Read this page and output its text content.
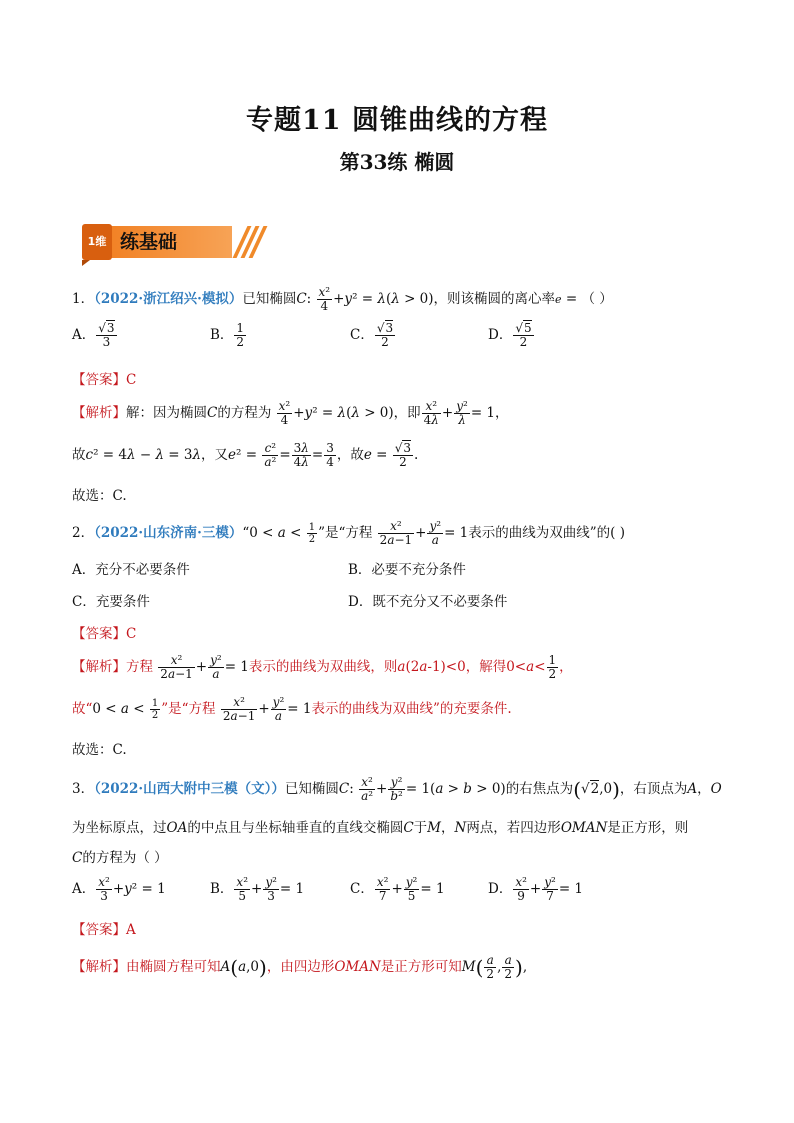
专题11 圆锥曲线的方程
第33练 椭圆
1维 练基础
1．（2022·浙江绍兴·模拟）已知椭圆C: $\frac{\text{x²}}{4} +y^2 = \lambda(\lambda > 0)$，则该椭圆的离心率e = （ ）
A． $\frac{√3}{3}$	B． $\frac{1}{2}$	C． $\frac{√3}{2}$	D． $\frac{√5}{2}$
【答案】C
【解析】解：因为椭圆C的方程为 $\frac{\text{x²}}{4} +y^2 = \lambda(\lambda > 0)$，即 $\frac{\text{x²}}{4\lambda} + \frac{\text{y²}}{\lambda} = 1$，
故c² = 4λ − λ = 3λ，又$e^2 = \frac{\text{c²}}{\text{a²}} = \frac{3\lambda}{4\lambda} = \frac{3}{4}$ ，故$e = \frac{√3}{2}$ .
故选：C.
2．（2022·山东济南·三模）“0 < $a < \frac{1}{2}$ ”是“方程 $\frac{\text{x²}}{2a-1} + \frac{\text{y²}}{a} = 1$表示的曲线为双曲线”的( )
A．充分不必要条件	B．必要不充分条件
C．充要条件	D．既不充分又不必要条件
【答案】C
【解析】方程 $\frac{\text{x²}}{2a-1} + \frac{\text{y²}}{a} = 1$表示的曲线为双曲线，则a(2a-1)<0，解得$0<a< \frac{1}{2}$ ，
故“$0 < a < \frac{1}{2}$ ”是“方程 $\frac{\text{x²}}{2a-1} + \frac{\text{y²}}{a} = 1$表示的曲线为双曲线”的充要条件.
故选：C.
3．（2022·山西大附中三模（文））已知椭圆C: $\frac{\text{x²}}{\text{a²}} + \frac{\text{y²}}{\text{b²}} = 1(a > b > 0)$的右焦点为(√2,0)，右顶点为A，O
为坐标原点，过OA的中点且与坐标轴垂直的直线交椭圆C于M，N两点，若四边形OMAN是正方形，则
C的方程为（ ）
A． $\frac{\text{x²}}{3} +y^2 = 1$	B． $\frac{\text{x²}}{5} + \frac{\text{y²}}{3} = 1$	C． $\frac{\text{x²}}{7} + \frac{\text{y²}}{5} = 1$	D． $\frac{\text{x²}}{9} + \frac{\text{y²}}{7} = 1$
【答案】A
【解析】由椭圆方程可知A(a,0)，由四边形OMAN是正方形可知$M( \frac{a}{2}$ , $\frac{a}{2}$ ),
